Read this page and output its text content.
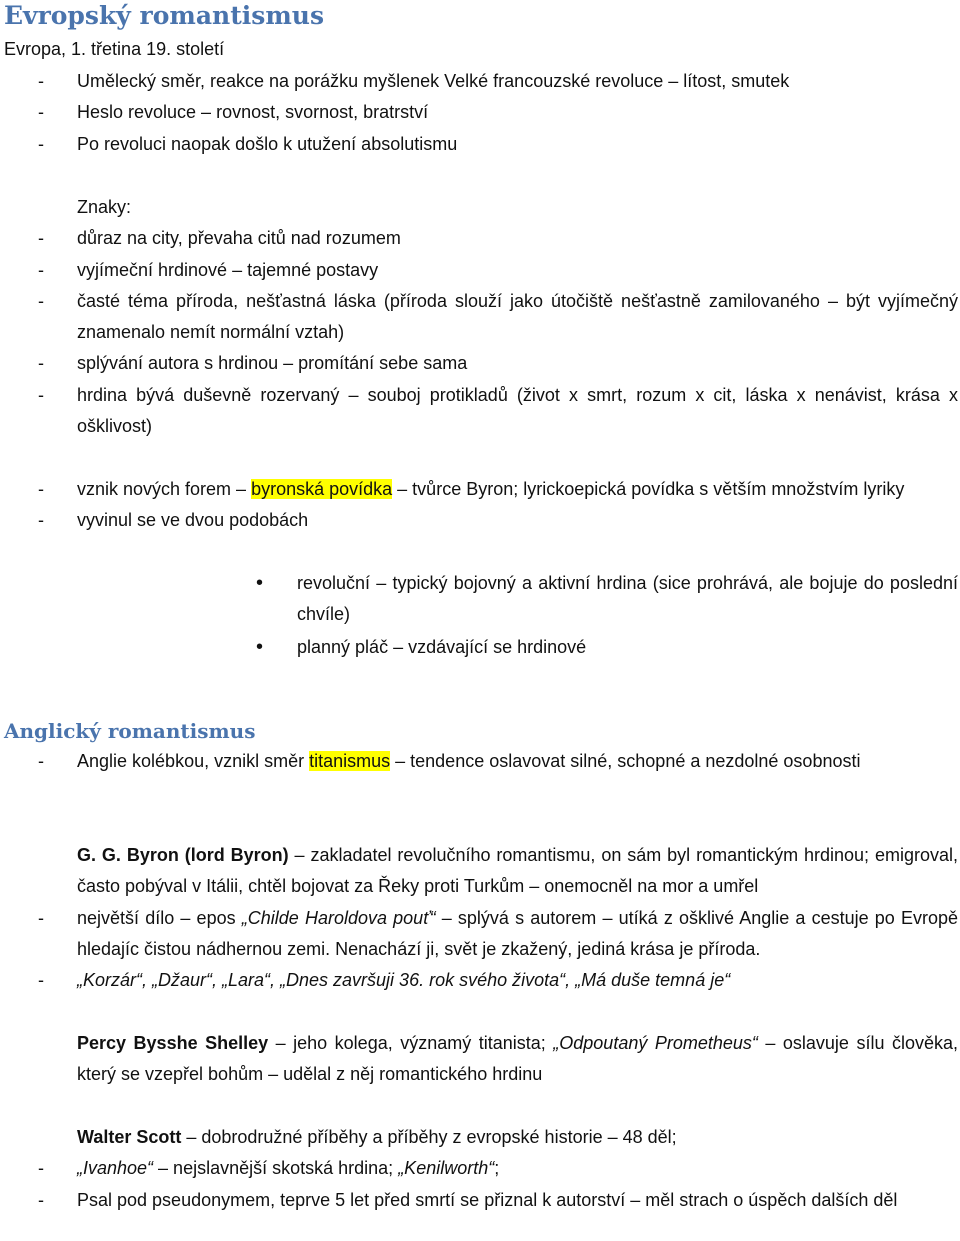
Evropský romantismus
Evropa, 1. třetina 19. století
-	Umělecký směr, reakce na porážku myšlenek Velké francouzské revoluce – lítost, smutek
-	Heslo revoluce – rovnost, svornost, bratrství
-	Po revoluci naopak došlo k utužení absolutismu
Znaky:
-	důraz na city, převaha citů nad rozumem
-	vyjímeční hrdinové – tajemné postavy
-	časté téma příroda, nešťastná láska (příroda slouží jako útočiště nešťastně zamilovaného – být vyjímečný znamenalo nemít normální vztah)
-	splývání autora s hrdinou – promítání sebe sama
-	hrdina bývá duševně rozervaný – souboj protikladů (život x smrt, rozum x cit, láska x nenávist, krása x ošklivost)
-	vznik nových forem – byronská povídka – tvůrce Byron; lyrickoepická povídka s větším množstvím lyriky
-	vyvinul se ve dvou podobách
•	revoluční – typický bojovný a aktivní hrdina (sice prohrává, ale bojuje do poslední chvíle)
•	planný pláč – vzdávající se hrdinové
Anglický romantismus
-	Anglie kolébkou, vznikl směr titanismus – tendence oslavovat silné, schopné a nezdolné osobnosti
G. G. Byron (lord Byron) – zakladatel revolučního romantismu, on sám byl romantickým hrdinou; emigroval, často pobýval v Itálii, chtěl bojovat za Řeky proti Turkům – onemocněl na mor a umřel
-	největší dílo – epos „Childe Haroldova pouť“ – splývá s autorem – utíká z ošklivé Anglie a cestuje po Evropě hledajíc čistou nádhernou zemi. Nenachází ji, svět je zkažený, jediná krása je příroda.
-	„Korzár“, „Džaur“, „Lara“, „Dnes završuji 36. rok svého života“, „Má duše temná je“
Percy Bysshe Shelley – jeho kolega, významý titanista; „Odpoutaný Prometheus“ – oslavuje sílu člověka, který se vzepřel bohům – udělal z něj romantického hrdinu
Walter Scott – dobrodružné příběhy a příběhy z evropské historie – 48 děl;
-	„Ivanhoe“ – nejslavnější skotská hrdina; „Kenilworth“;
-	Psal pod pseudonymem, teprve 5 let před smrtí se přiznal k autorství – měl strach o úspěch dalších děl
